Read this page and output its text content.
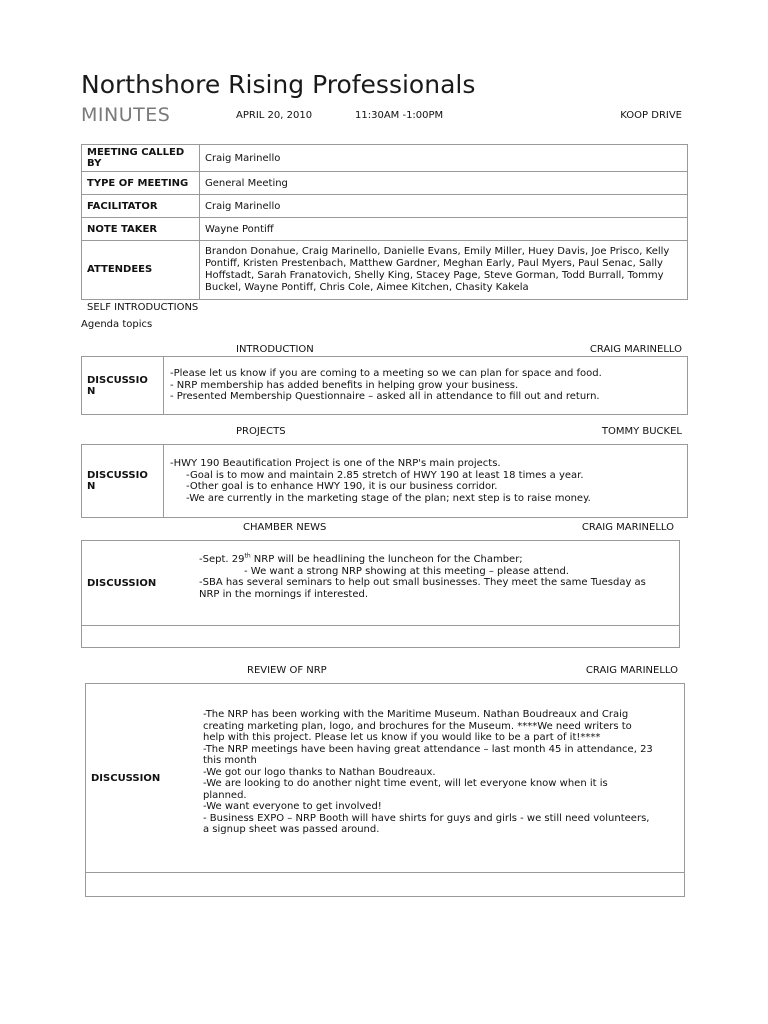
Northshore Rising Professionals
MINUTES	APRIL 20, 2010	11:30AM -1:00PM	KOOP DRIVE
MEETING CALLED BY	Craig Marinello
TYPE OF MEETING	General Meeting
FACILITATOR	Craig Marinello
NOTE TAKER	Wayne Pontiff
ATTENDEES	Brandon Donahue, Craig Marinello, Danielle Evans, Emily Miller, Huey Davis, Joe Prisco, Kelly Pontiff, Kristen Prestenbach, Matthew Gardner, Meghan Early, Paul Myers, Paul Senac, Sally Hoffstadt, Sarah Franatovich, Shelly King, Stacey Page, Steve Gorman, Todd Burrall, Tommy Buckel, Wayne Pontiff, Chris Cole, Aimee Kitchen, Chasity Kakela
SELF INTRODUCTIONS
Agenda topics
INTRODUCTION	CRAIG MARINELLO
DISCUSSIO
N
-Please let us know if you are coming to a meeting so we can plan for space and food.
- NRP membership has added benefits in helping grow your business.
- Presented Membership Questionnaire – asked all in attendance to fill out and return.
PROJECTS	TOMMY BUCKEL
DISCUSSIO
N
-HWY 190 Beautification Project is one of the NRP's main projects.
-Goal is to mow and maintain 2.85 stretch of HWY 190 at least 18 times a year.
-Other goal is to enhance HWY 190, it is our business corridor.
-We are currently in the marketing stage of the plan; next step is to raise money.
CHAMBER NEWS	CRAIG MARINELLO
DISCUSSION
-Sept. 29th NRP will be headlining the luncheon for the Chamber;
- We want a strong NRP showing at this meeting – please attend.
-SBA has several seminars to help out small businesses. They meet the same Tuesday as
NRP in the mornings if interested.
REVIEW OF NRP	CRAIG MARINELLO
DISCUSSION
-The NRP has been working with the Maritime Museum. Nathan Boudreaux and Craig
creating marketing plan, logo, and brochures for the Museum. ****We need writers to
help with this project. Please let us know if you would like to be a part of it!****
-The NRP meetings have been having great attendance – last month 45 in attendance, 23
this month
-We got our logo thanks to Nathan Boudreaux.
-We are looking to do another night time event, will let everyone know when it is
planned.
-We want everyone to get involved!
- Business EXPO – NRP Booth will have shirts for guys and girls - we still need volunteers,
a signup sheet was passed around.
